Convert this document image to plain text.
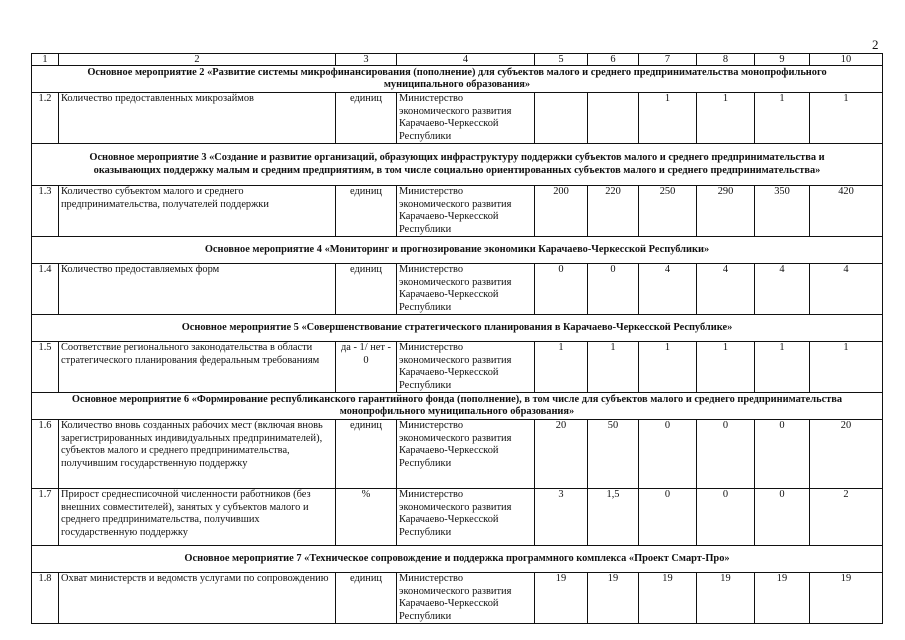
2
1	2	3	4	5	6	7	8	9	10
Основное мероприятие 2 «Развитие системы микрофинансирования (пополнение) для субъектов малого и среднего предпринимательства монопрофильного муниципального образования»									
1.2	Количество предоставленных микрозаймов	единиц	Министерство экономического развития Карачаево-Черкесской Республики			1	1	1	1
Основное мероприятие 3 «Создание и развитие организаций, образующих инфраструктуру поддержки субъектов малого и среднего предпринимательства и оказывающих поддержку малым и средним предприятиям, в том числе социально ориентированных субъектов малого и среднего предпринимательства»									
1.3	Количество субъектом малого и среднего предпринимательства, получателей поддержки	единиц	Министерство экономического развития Карачаево-Черкесской Республики	200	220	250	290	350	420
Основное мероприятие 4 «Мониторинг и прогнозирование экономики Карачаево-Черкесской Республики»									
1.4	Количество предоставляемых форм	единиц	Министерство экономического развития Карачаево-Черкесской Республики	0	0	4	4	4	4
Основное мероприятие 5 «Совершенствование стратегического планирования в Карачаево-Черкесской Республике»									
1.5	Соответствие регионального законодательства в области стратегического планирования федеральным требованиям	да - 1/ нет - 0	Министерство экономического развития Карачаево-Черкесской Республики	1	1	1	1	1	1
Основное мероприятие 6 «Формирование республиканского гарантийного фонда (пополнение), в том числе для субъектов малого и среднего предпринимательства монопрофильного муниципального образования»									
1.6	Количество вновь созданных рабочих мест (включая вновь зарегистрированных индивидуальных предпринимателей), субъектов малого и среднего предпринимательства, получившим государственную поддержку	единиц	Министерство экономического развития Карачаево-Черкесской Республики	20	50	0	0	0	20
1.7	Прирост среднесписочной численности работников (без внешних совместителей), занятых у субъектов малого и среднего предпринимательства, получивших государственную поддержку	%	Министерство экономического развития Карачаево-Черкесской Республики	3	1,5	0	0	0	2
Основное мероприятие 7 «Техническое сопровождение и поддержка программного комплекса «Проект Смарт-Про»									
1.8	Охват министерств и ведомств услугами по сопровождению	единиц	Министерство экономического развития Карачаево-Черкесской Республики	19	19	19	19	19	19
